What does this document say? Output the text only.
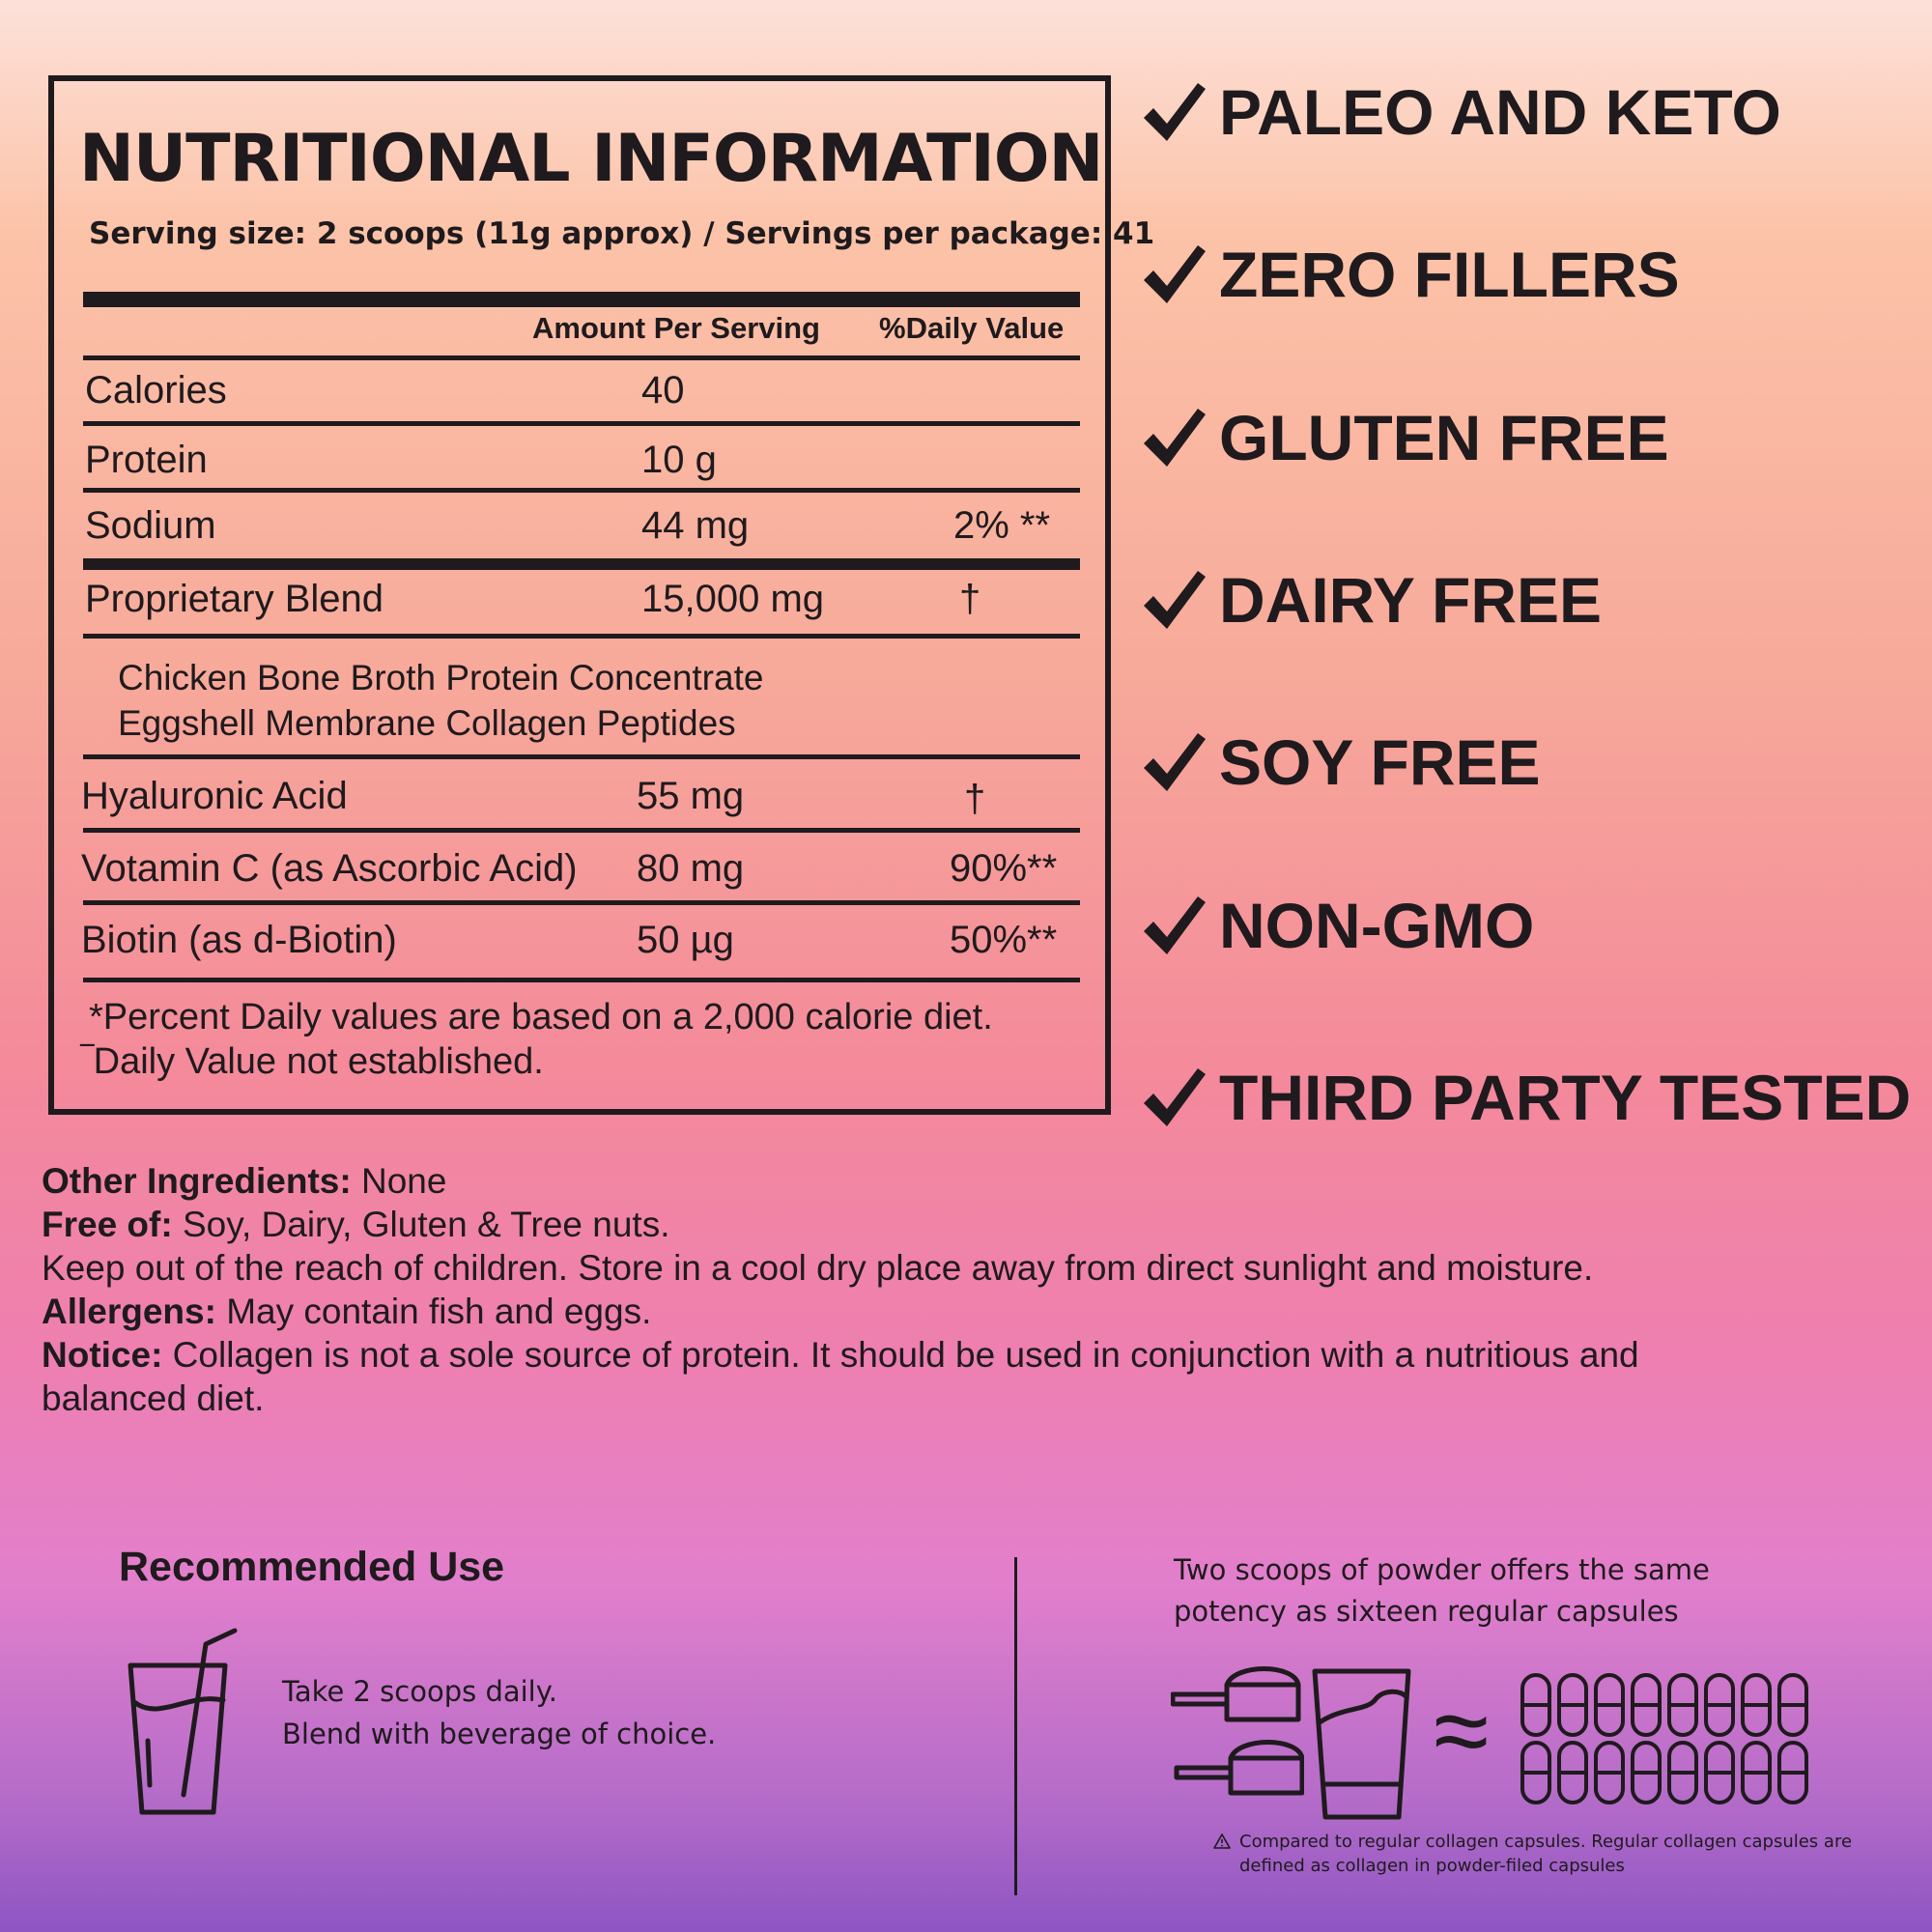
NUTRITIONAL INFORMATION
Serving size: 2 scoops (11g approx) / Servings per package: 41
Amount Per Serving %Daily Value
Calories	40
Protein	10 g
Sodium	44 mg	2% **
Proprietary Blend	15,000 mg	†
Chicken Bone Broth Protein Concentrate
Eggshell Membrane Collagen Peptides
Hyaluronic Acid	55 mg	†
Votamin C (as Ascorbic Acid) 80 mg	90%**
Biotin (as d-Biotin)	50 µg	50%**
*Percent Daily values are based on a 2,000 calorie diet.
‾Daily Value not established.
PALEO AND KETO
ZERO FILLERS
GLUTEN FREE
DAIRY FREE
SOY FREE
NON-GMO
THIRD PARTY TESTED
Other Ingredients: None
Free of: Soy, Dairy, Gluten & Tree nuts.
Keep out of the reach of children. Store in a cool dry place away from direct sunlight and moisture.
Allergens: May contain fish and eggs.
Notice: Collagen is not a sole source of protein. It should be used in conjunction with a nutritious and
balanced diet.
Recommended Use
Take 2 scoops daily.
Blend with beverage of choice.
Two scoops of powder offers the same
potency as sixteen regular capsules
≈
Compared to regular collagen capsules. Regular collagen capsules are
defined as collagen in powder-filed capsules
